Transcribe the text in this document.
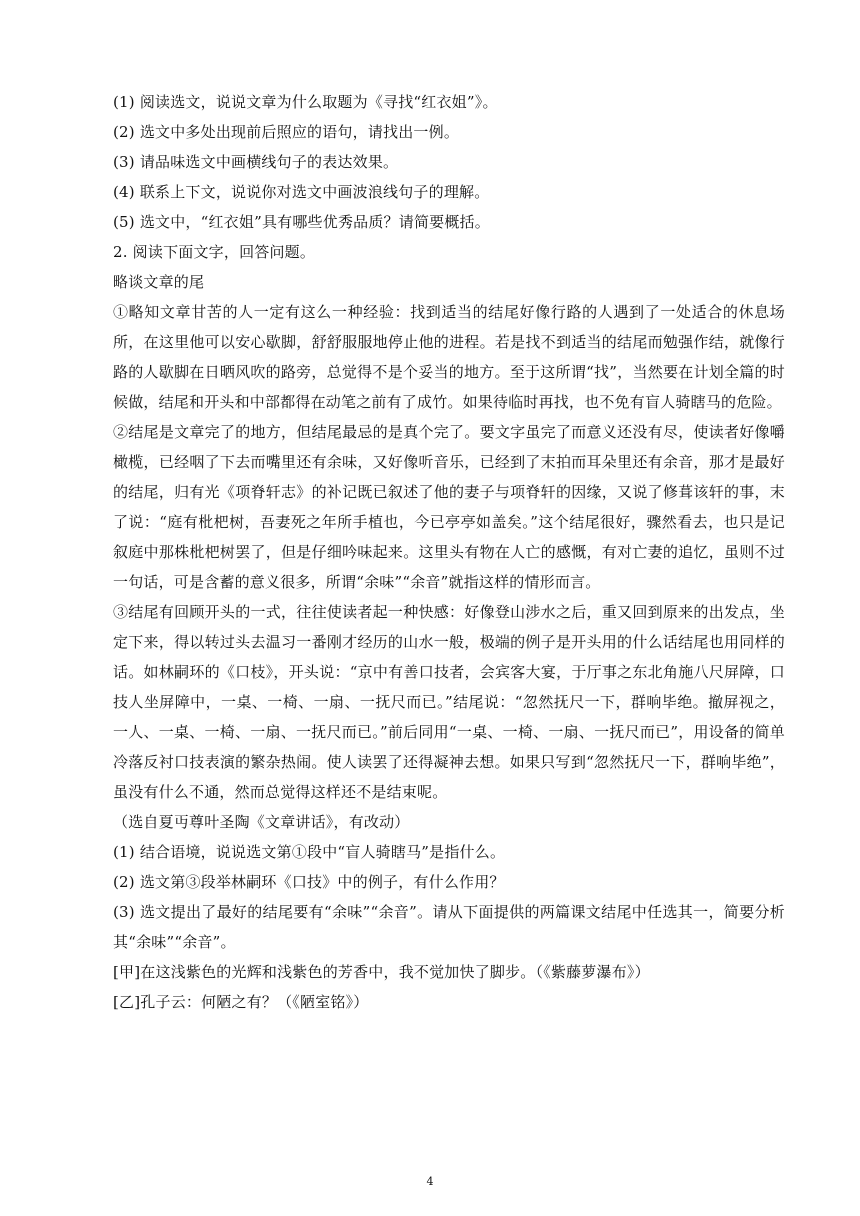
(1) 阅读选文，说说文章为什么取题为《寻找“红衣姐”》。

(2) 选文中多处出现前后照应的语句，请找出一例。

(3) 请品味选文中画横线句子的表达效果。

(4) 联系上下文，说说你对选文中画波浪线句子的理解。

(5) 选文中，“红衣姐”具有哪些优秀品质？请简要概括。

2. 阅读下面文字，回答问题。

略谈文章的尾

①略知文章甘苦的人一定有这么一种经验：找到适当的结尾好像行路的人遇到了一处适合的休息场所，在这里他可以安心歇脚，舒舒服服地停止他的进程。若是找不到适当的结尾而勉强作结，就像行路的人歇脚在日晒风吹的路旁，总觉得不是个妥当的地方。至于这所谓“找”，当然要在计划全篇的时候做，结尾和开头和中部都得在动笔之前有了成竹。如果待临时再找，也不免有盲人骑瞎马的危险。

②结尾是文章完了的地方，但结尾最忌的是真个完了。要文字虽完了而意义还没有尽，使读者好像嚼橄榄，已经咽了下去而嘴里还有余味，又好像听音乐，已经到了末拍而耳朵里还有余音，那才是最好的结尾，归有光《项脊轩志》的补记既已叙述了他的妻子与项脊轩的因缘，又说了修葺该轩的事，末了说：“庭有枇杷树，吾妻死之年所手植也，今已亭亭如盖矣。”这个结尾很好，骤然看去，也只是记叙庭中那株枇杷树罢了，但是仔细吟味起来。这里头有物在人亡的感慨，有对亡妻的追忆，虽则不过一句话，可是含蓄的意义很多，所谓“余味”“余音”就指这样的情形而言。

③结尾有回顾开头的一式，往往使读者起一种快感：好像登山涉水之后，重又回到原来的出发点，坐定下来，得以转过头去温习一番刚才经历的山水一般，极端的例子是开头用的什么话结尾也用同样的话。如林嗣环的《口枝》，开头说：“京中有善口技者，会宾客大宴，于厅事之东北角施八尺屏障，口技人坐屏障中，一桌、一椅、一扇、一抚尺而已。”结尾说：“忽然抚尺一下，群响毕绝。撤屏视之，一人、一桌、一椅、一扇、一抚尺而已。”前后同用“一桌、一椅、一扇、一抚尺而已”，用设备的简单冷落反衬口技表演的繁杂热闹。使人读罢了还得凝神去想。如果只写到“忽然抚尺一下，群响毕绝”，虽没有什么不通，然而总觉得这样还不是结束呢。

（选自夏丏尊叶圣陶《文章讲话》，有改动）

(1) 结合语境，说说选文第①段中“盲人骑瞎马”是指什么。

(2) 选文第③段举林嗣环《口技》中的例子，有什么作用？

(3) 选文提出了最好的结尾要有“余味”“余音”。请从下面提供的两篇课文结尾中任选其一，简要分析其“余味”“余音”。

[甲]在这浅紫色的光辉和浅紫色的芳香中，我不觉加快了脚步。（《紫藤萝瀑布》）

[乙]孔子云：何陋之有？（《陋室铭》）

4
